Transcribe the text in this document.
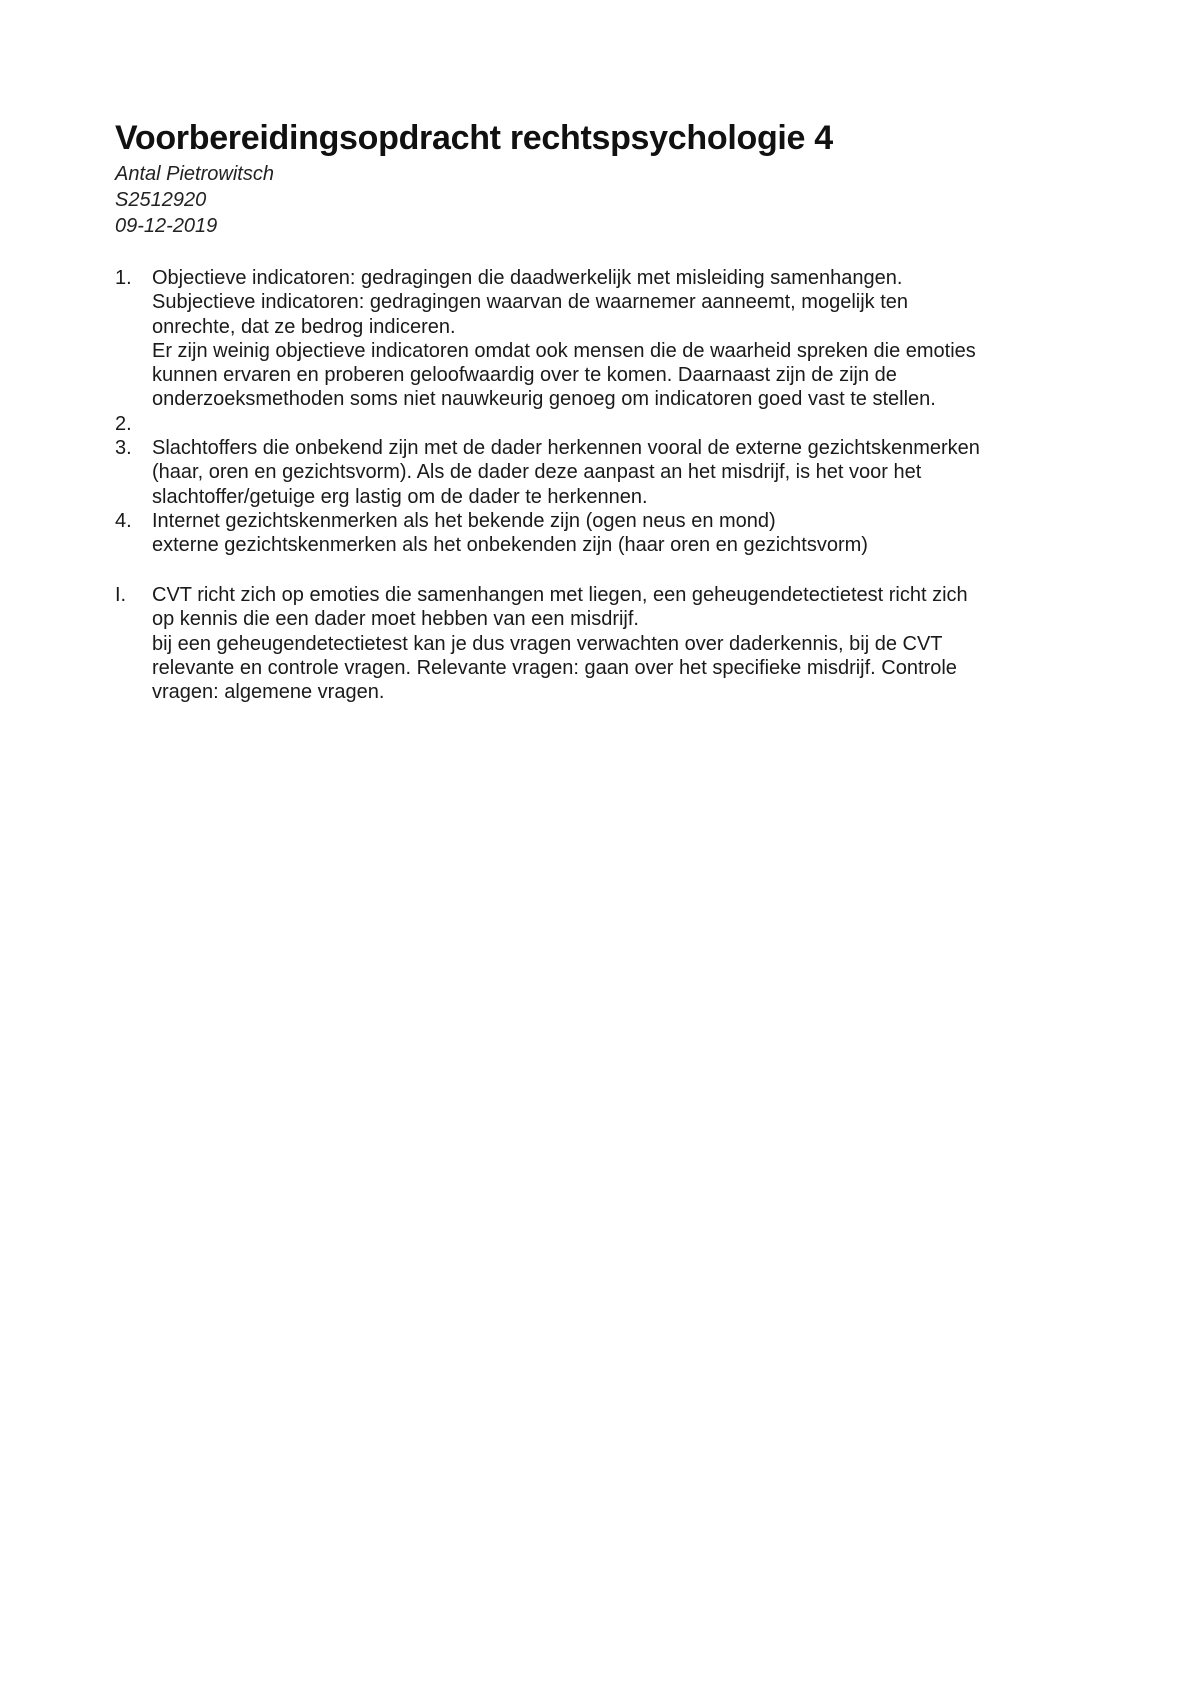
Voorbereidingsopdracht rechtspsychologie 4
Antal Pietrowitsch
S2512920
09-12-2019
1. Objectieve indicatoren: gedragingen die daadwerkelijk met misleiding samenhangen.
Subjectieve indicatoren: gedragingen waarvan de waarnemer aanneemt, mogelijk ten
onrechte, dat ze bedrog indiceren.
Er zijn weinig objectieve indicatoren omdat ook mensen die de waarheid spreken die emoties
kunnen ervaren en proberen geloofwaardig over te komen. Daarnaast zijn de zijn de
onderzoeksmethoden soms niet nauwkeurig genoeg om indicatoren goed vast te stellen.
2.
3. Slachtoffers die onbekend zijn met de dader herkennen vooral de externe gezichtskenmerken
(haar, oren en gezichtsvorm). Als de dader deze aanpast an het misdrijf, is het voor het
slachtoffer/getuige erg lastig om de dader te herkennen.
4. Internet gezichtskenmerken als het bekende zijn (ogen neus en mond)
externe gezichtskenmerken als het onbekenden zijn (haar oren en gezichtsvorm)
I. CVT richt zich op emoties die samenhangen met liegen, een geheugendetectietest richt zich
op kennis die een dader moet hebben van een misdrijf.
bij een geheugendetectietest kan je dus vragen verwachten over daderkennis, bij de CVT
relevante en controle vragen. Relevante vragen: gaan over het specifieke misdrijf. Controle
vragen: algemene vragen.
